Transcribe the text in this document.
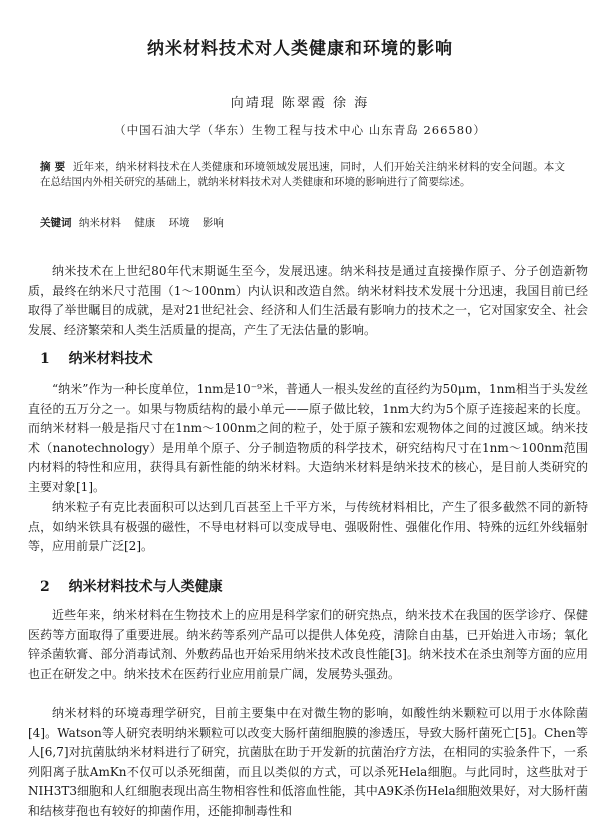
纳米材料技术对人类健康和环境的影响
向靖琨 陈翠霞 徐 海
（中国石油大学（华东）生物工程与技术中心 山东青岛 266580）
摘 要 近年来，纳米材料技术在人类健康和环境领域发展迅速，同时，人们开始关注纳米材料的安全问题。本文在总结国内外相关研究的基础上，就纳米材料技术对人类健康和环境的影响进行了简要综述。
关键词 纳米材料 健康 环境 影响

纳米技术在上世纪80年代末期诞生至今，发展迅速。纳米科技是通过直接操作原子、分子创造新物质，最终在纳米尺寸范围（1～100nm）内认识和改造自然。纳米材料技术发展十分迅速，我国目前已经取得了举世瞩目的成就，是对21世纪社会、经济和人们生活最有影响力的技术之一，它对国家安全、社会发展、经济繁荣和人类生活质量的提高，产生了无法估量的影响。

1 纳米材料技术

“纳米”作为一种长度单位，1nm是10⁻⁹米，普通人一根头发丝的直径约为50μm，1nm相当于头发丝直径的五万分之一。如果与物质结构的最小单元——原子做比较，1nm大约为5个原子连接起来的长度。而纳米材料一般是指尺寸在1nm～100nm之间的粒子，处于原子簇和宏观物体之间的过渡区域。纳米技术（nanotechnology）是用单个原子、分子制造物质的科学技术，研究结构尺寸在1nm～100nm范围内材料的特性和应用，获得具有新性能的纳米材料。大造纳米材料是纳米技术的核心，是目前人类研究的主要对象[1]。

纳米粒子有克比表面积可以达到几百甚至上千平方米，与传统材料相比，产生了很多截然不同的新特点，如纳米铁具有极强的磁性，不导电材料可以变成导电、强吸附性、强催化作用、特殊的远红外线辐射等，应用前景广泛[2]。

2 纳米材料技术与人类健康

近些年来，纳米材料在生物技术上的应用是科学家们的研究热点，纳米技术在我国的医学诊疗、保健医药等方面取得了重要进展。纳米药等系列产品可以提供人体免疫，清除自由基，已开始进入市场；氧化锌杀菌软膏、部分消毒试剂、外敷药品也开始采用纳米技术改良性能[3]。纳米技术在杀虫剂等方面的应用也正在研发之中。纳米技术在医药行业应用前景广阔，发展势头强劲。

纳米材料的环境毒理学研究，目前主要集中在对微生物的影响，如酸性纳米颗粒可以用于水体除菌[4]。Watson等人研究表明纳米颗粒可以改变大肠杆菌细胞膜的渗透压，导致大肠杆菌死亡[5]。Chen等人[6,7]对抗菌肽纳米材料进行了研究，抗菌肽在助于开发新的抗菌治疗方法，在相同的实验条件下，一系列阳离子肽AmKn不仅可以杀死细菌，而且以类似的方式，可以杀死Hela细胞。与此同时，这些肽对于NIH3T3细胞和人红细胞表现出高生物相容性和低溶血性能，其中A9K杀伤Hela细胞效果好，对大肠杆菌和结核芽孢也有较好的抑菌作用，还能抑制毒性和
